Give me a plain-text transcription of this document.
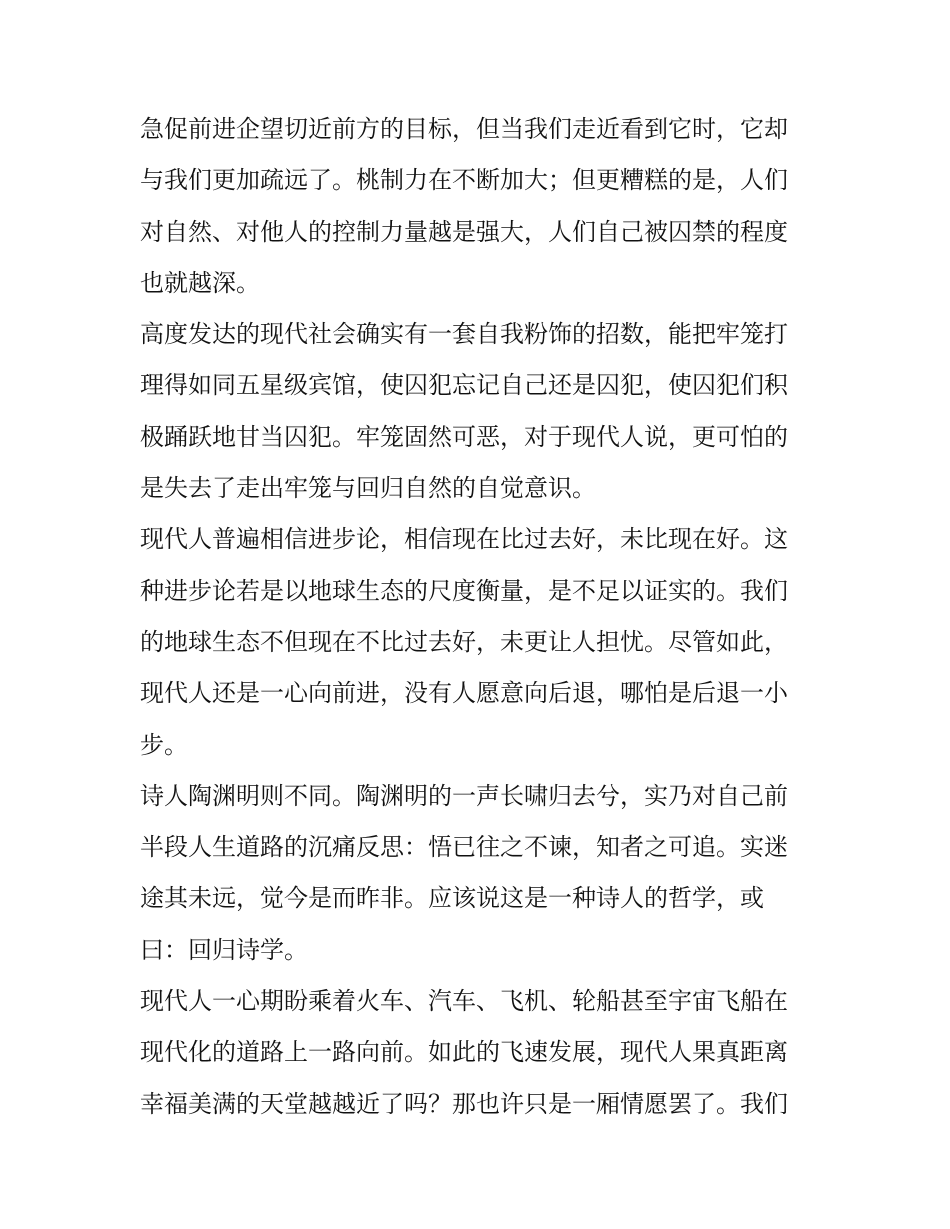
急促前进企望切近前方的目标，但当我们走近看到它时，它却
与我们更加疏远了。桃制力在不断加大；但更糟糕的是，人们
对自然、对他人的控制力量越是强大，人们自己被囚禁的程度
也就越深。
高度发达的现代社会确实有一套自我粉饰的招数，能把牢笼打
理得如同五星级宾馆，使囚犯忘记自己还是囚犯，使囚犯们积
极踊跃地甘当囚犯。牢笼固然可恶，对于现代人说，更可怕的
是失去了走出牢笼与回归自然的自觉意识。
现代人普遍相信进步论，相信现在比过去好，未比现在好。这
种进步论若是以地球生态的尺度衡量，是不足以证实的。我们
的地球生态不但现在不比过去好，未更让人担忧。尽管如此，
现代人还是一心向前进，没有人愿意向后退，哪怕是后退一小
步。
诗人陶渊明则不同。陶渊明的一声长啸归去兮，实乃对自己前
半段人生道路的沉痛反思：悟已往之不谏，知者之可追。实迷
途其未远，觉今是而昨非。应该说这是一种诗人的哲学，或
曰：回归诗学。
现代人一心期盼乘着火车、汽车、飞机、轮船甚至宇宙飞船在
现代化的道路上一路向前。如此的飞速发展，现代人果真距离
幸福美满的天堂越越近了吗？那也许只是一厢情愿罢了。我们
